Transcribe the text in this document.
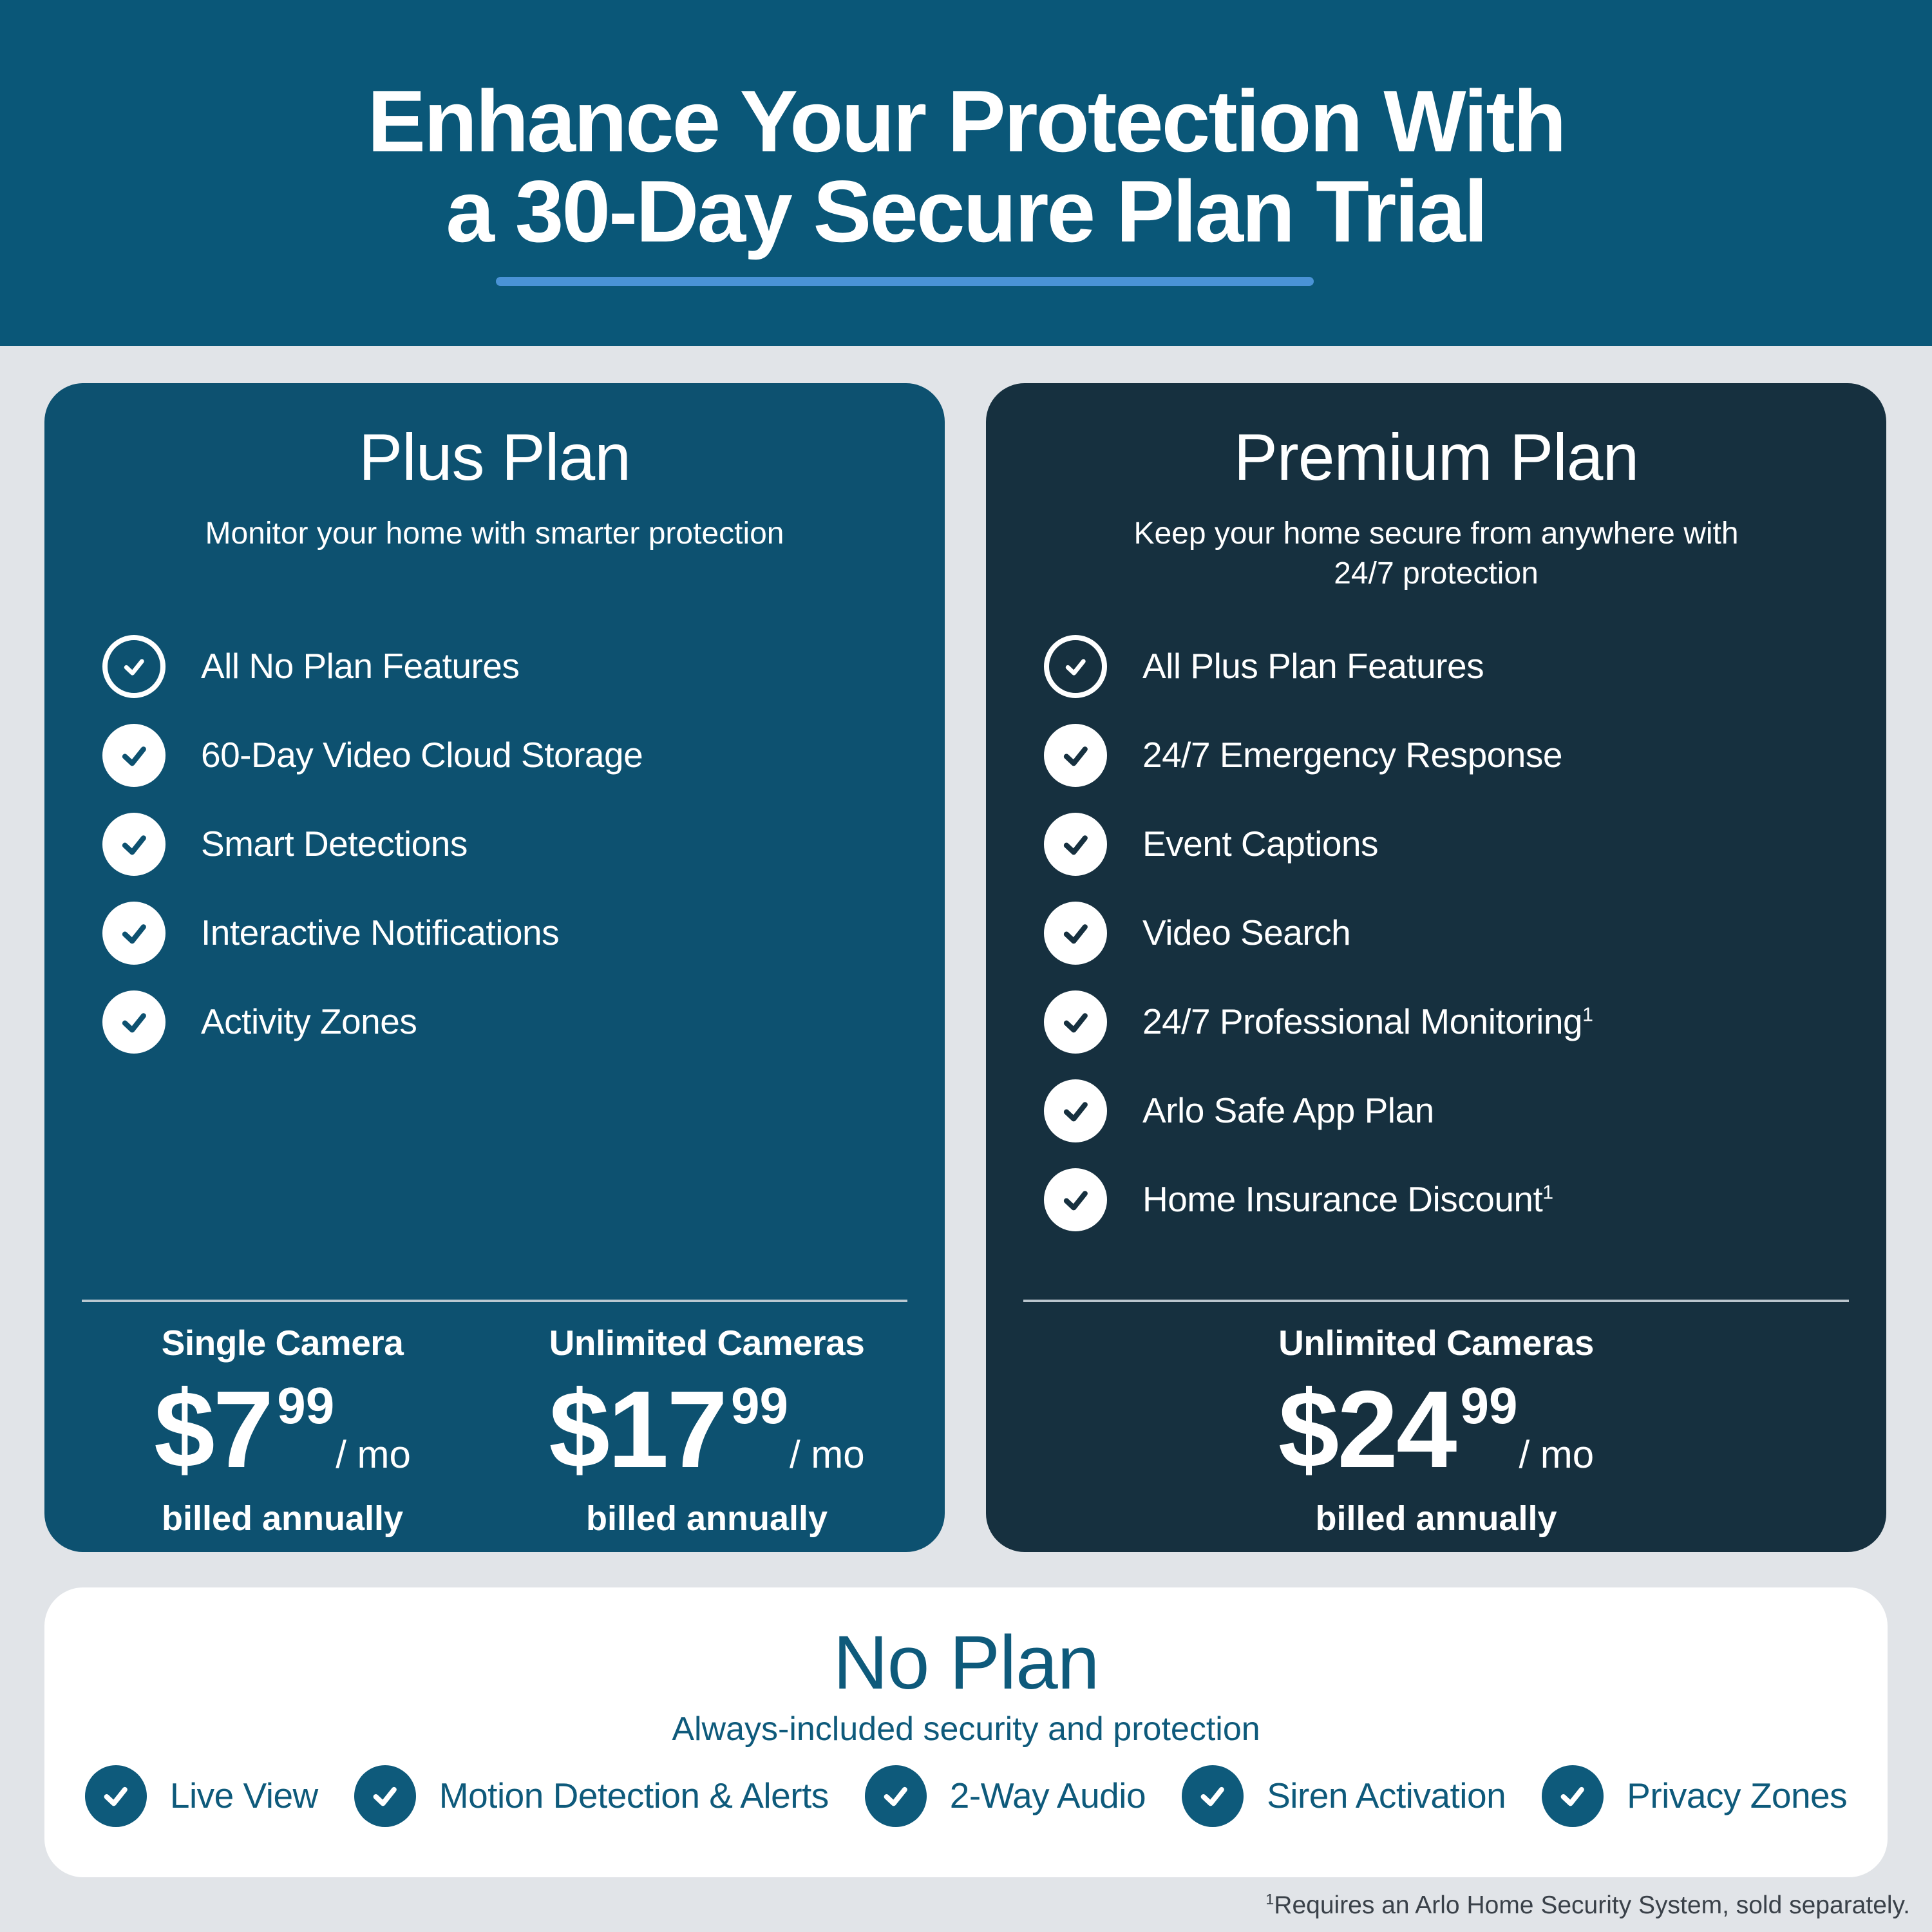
Enhance Your Protection With
a 30-Day Secure Plan Trial
Plus Plan
Monitor your home with smarter protection
All No Plan Features
60-Day Video Cloud Storage
Smart Detections
Interactive Notifications
Activity Zones
Single Camera
$7 99
/ mo
billed annually
Unlimited Cameras
$17 99
/ mo
billed annually
Premium Plan
Keep your home secure from anywhere with 24/7 protection
All Plus Plan Features
24/7 Emergency Response
Event Captions
Video Search
24/7 Professional Monitoring$^1$
Arlo Safe App Plan
Home Insurance Discount$^1$
Unlimited Cameras
$24 99
/ mo
billed annually
No Plan
Always-included security and protection
Live View	Motion Detection & Alerts	2-Way Audio	Siren Activation	Privacy Zones
$^1$Requires an Arlo Home Security System, sold separately.
